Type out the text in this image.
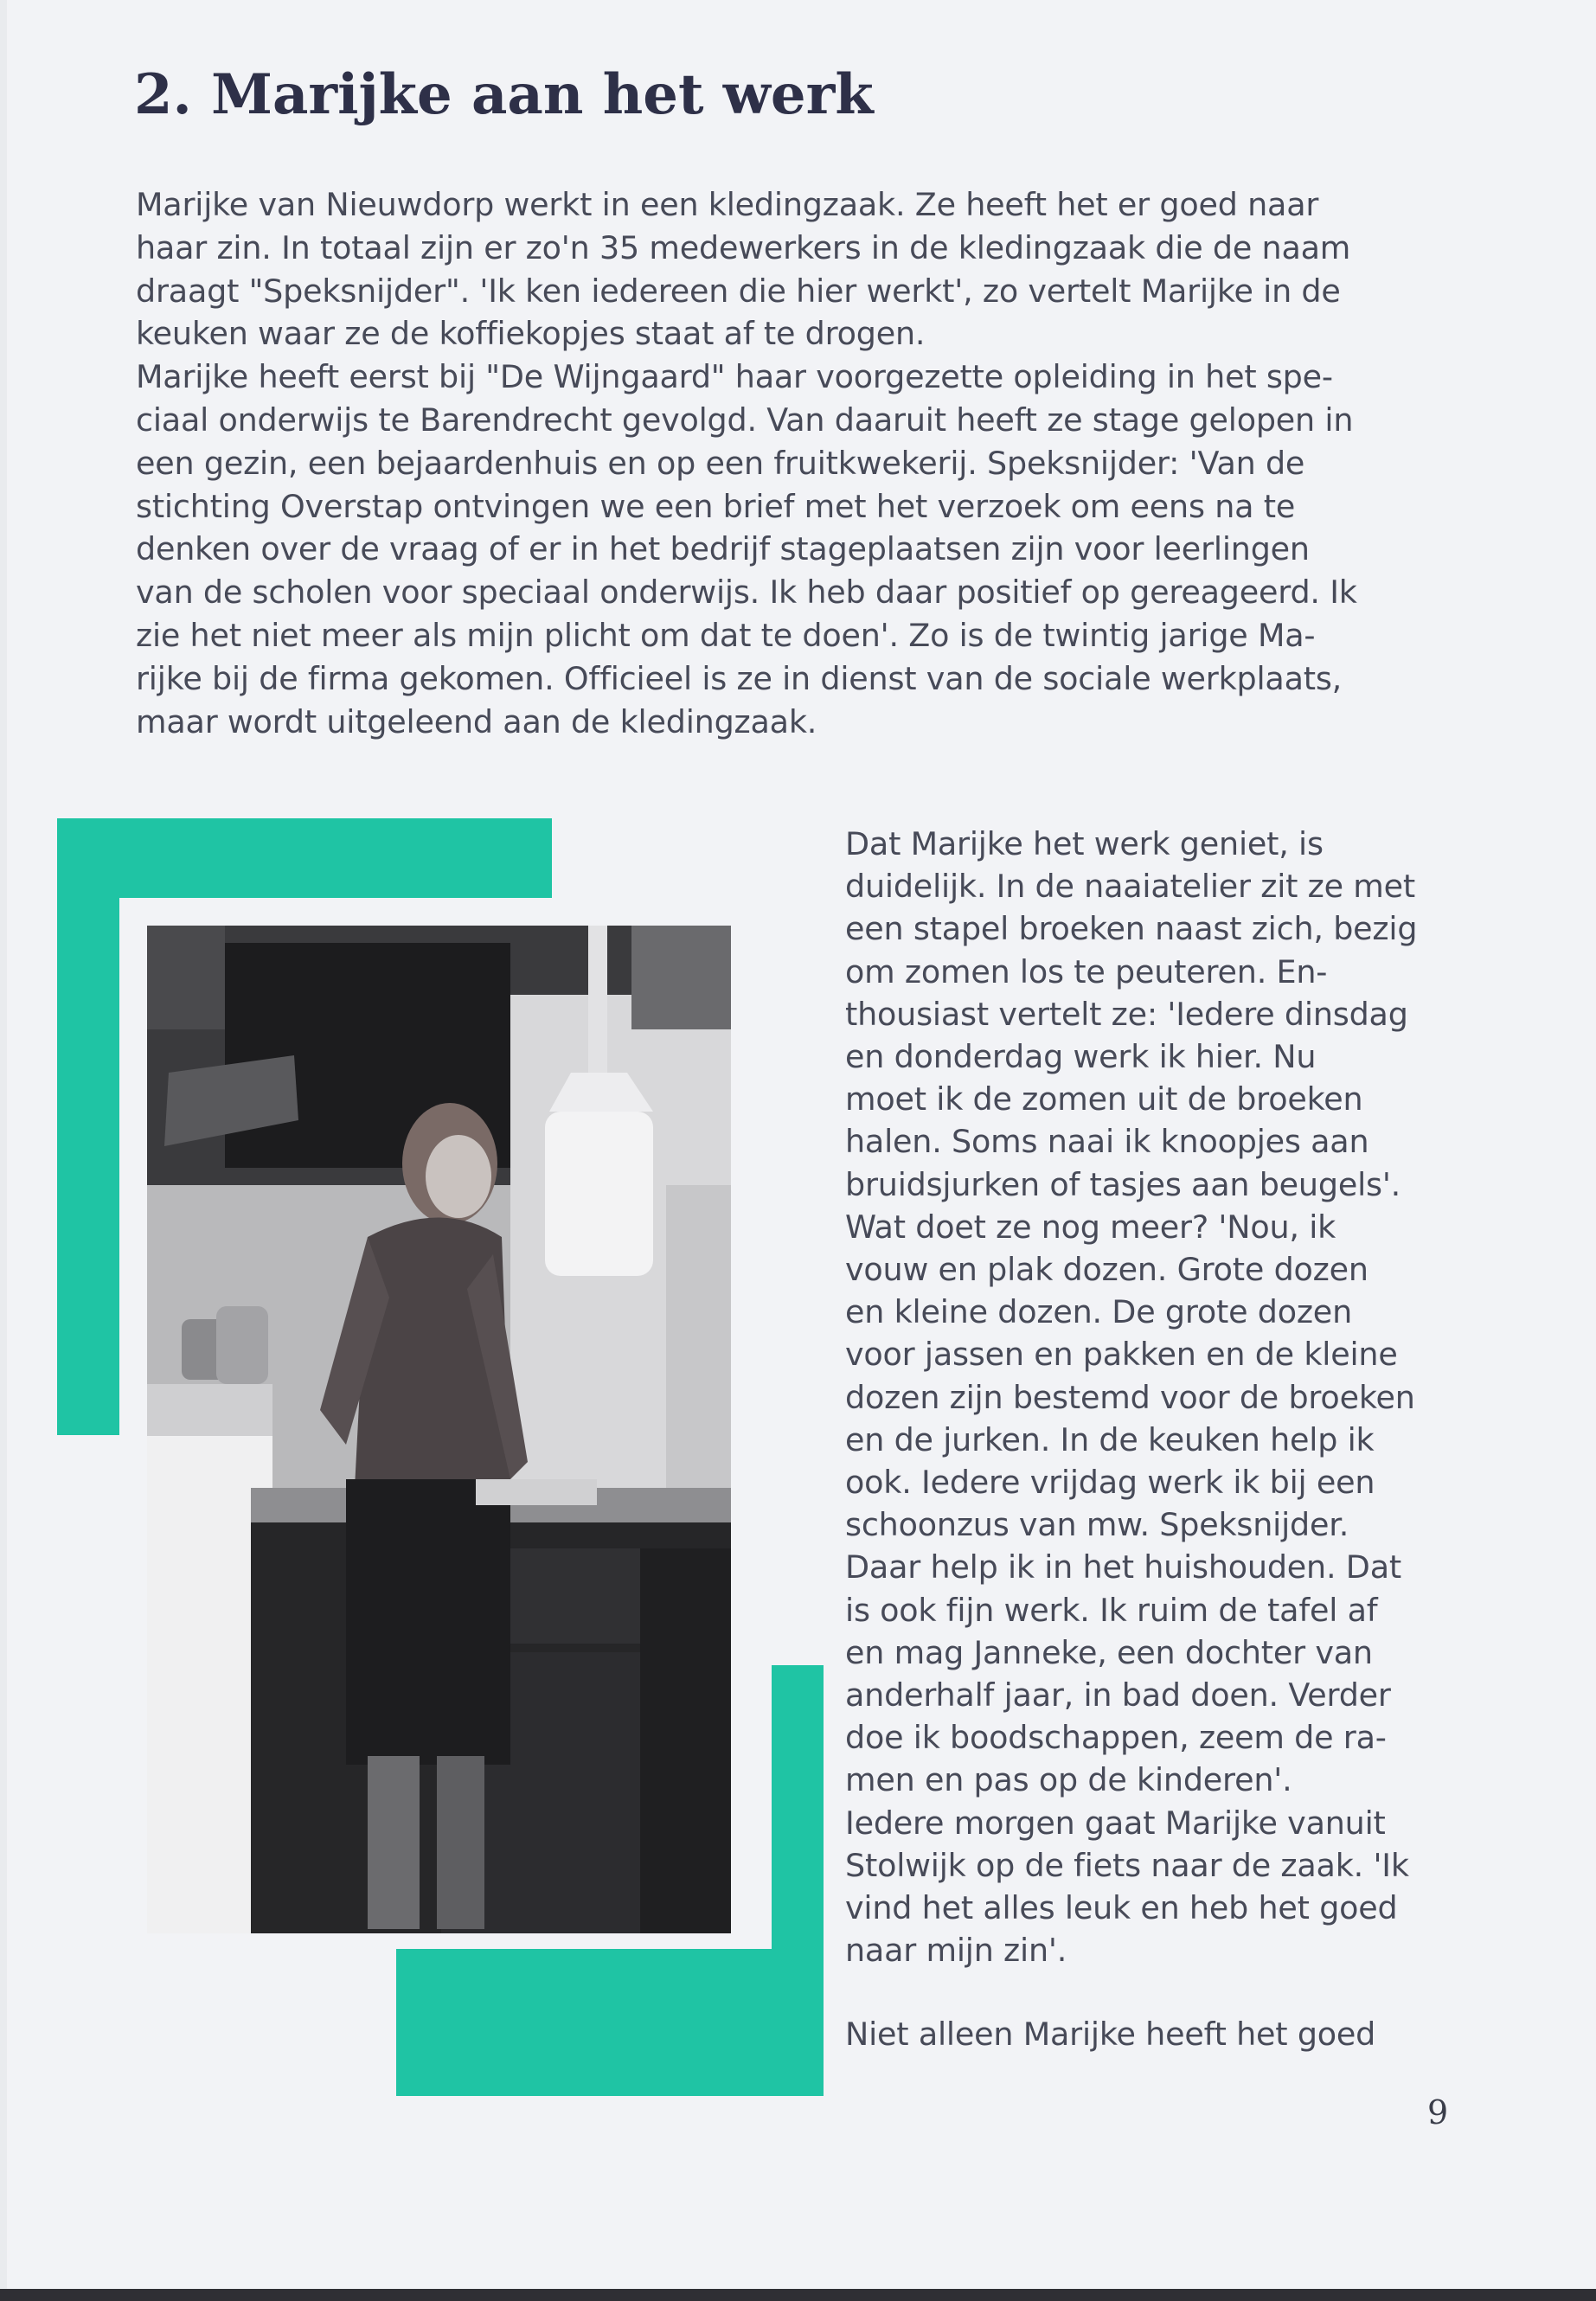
2. Marijke aan het werk
Marijke van Nieuwdorp werkt in een kledingzaak. Ze heeft het er goed naar
haar zin. In totaal zijn er zo'n 35 medewerkers in de kledingzaak die de naam
draagt "Speksnijder". 'Ik ken iedereen die hier werkt', zo vertelt Marijke in de
keuken waar ze de koffiekopjes staat af te drogen.
Marijke heeft eerst bij "De Wijngaard" haar voorgezette opleiding in het spe-
ciaal onderwijs te Barendrecht gevolgd. Van daaruit heeft ze stage gelopen in
een gezin, een bejaardenhuis en op een fruitkwekerij. Speksnijder: 'Van de
stichting Overstap ontvingen we een brief met het verzoek om eens na te
denken over de vraag of er in het bedrijf stageplaatsen zijn voor leerlingen
van de scholen voor speciaal onderwijs. Ik heb daar positief op gereageerd. Ik
zie het niet meer als mijn plicht om dat te doen'. Zo is de twintig jarige Ma-
rijke bij de firma gekomen. Officieel is ze in dienst van de sociale werkplaats,
maar wordt uitgeleend aan de kledingzaak.
Dat Marijke het werk geniet, is
duidelijk. In de naaiatelier zit ze met
een stapel broeken naast zich, bezig
om zomen los te peuteren. En-
thousiast vertelt ze: 'Iedere dinsdag
en donderdag werk ik hier. Nu
moet ik de zomen uit de broeken
halen. Soms naai ik knoopjes aan
bruidsjurken of tasjes aan beugels'.
Wat doet ze nog meer? 'Nou, ik
vouw en plak dozen. Grote dozen
en kleine dozen. De grote dozen
voor jassen en pakken en de kleine
dozen zijn bestemd voor de broeken
en de jurken. In de keuken help ik
ook. Iedere vrijdag werk ik bij een
schoonzus van mw. Speksnijder.
Daar help ik in het huishouden. Dat
is ook fijn werk. Ik ruim de tafel af
en mag Janneke, een dochter van
anderhalf jaar, in bad doen. Verder
doe ik boodschappen, zeem de ra-
men en pas op de kinderen'.
Iedere morgen gaat Marijke vanuit
Stolwijk op de fiets naar de zaak. 'Ik
vind het alles leuk en heb het goed
naar mijn zin'.
Niet alleen Marijke heeft het goed
9
